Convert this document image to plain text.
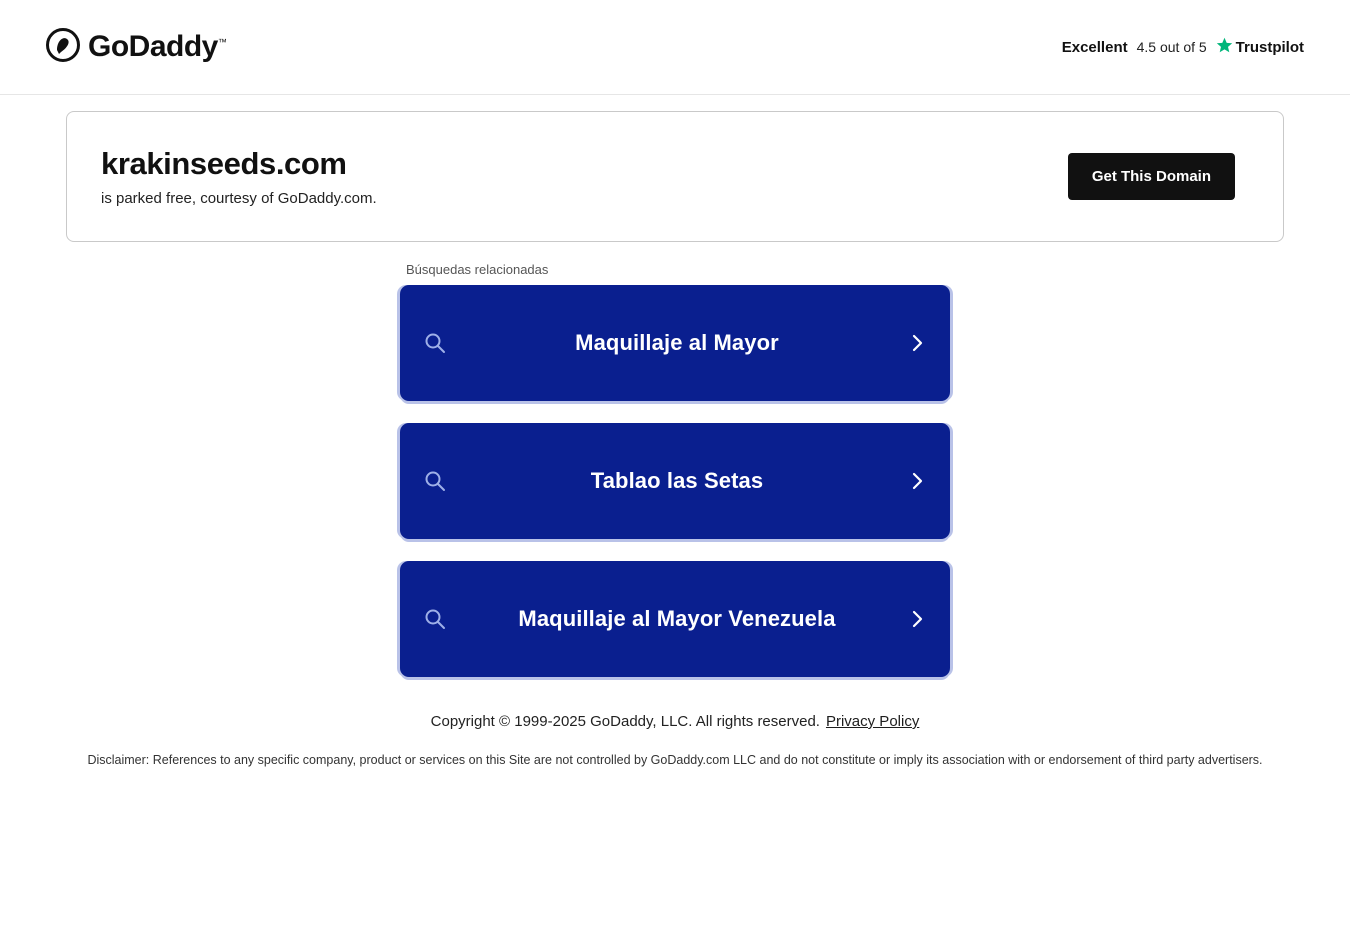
GoDaddy™	Excellent 4.5 out of 5 Trustpilot
krakinseeds.com
is parked free, courtesy of GoDaddy.com.
Get This Domain
Búsquedas relacionadas
Maquillaje al Mayor
Tablao las Setas
Maquillaje al Mayor Venezuela
Copyright © 1999-2025 GoDaddy, LLC. All rights reserved. Privacy Policy
Disclaimer: References to any specific company, product or services on this Site are not controlled by GoDaddy.com LLC and do not constitute or imply its association with or endorsement of third party advertisers.
